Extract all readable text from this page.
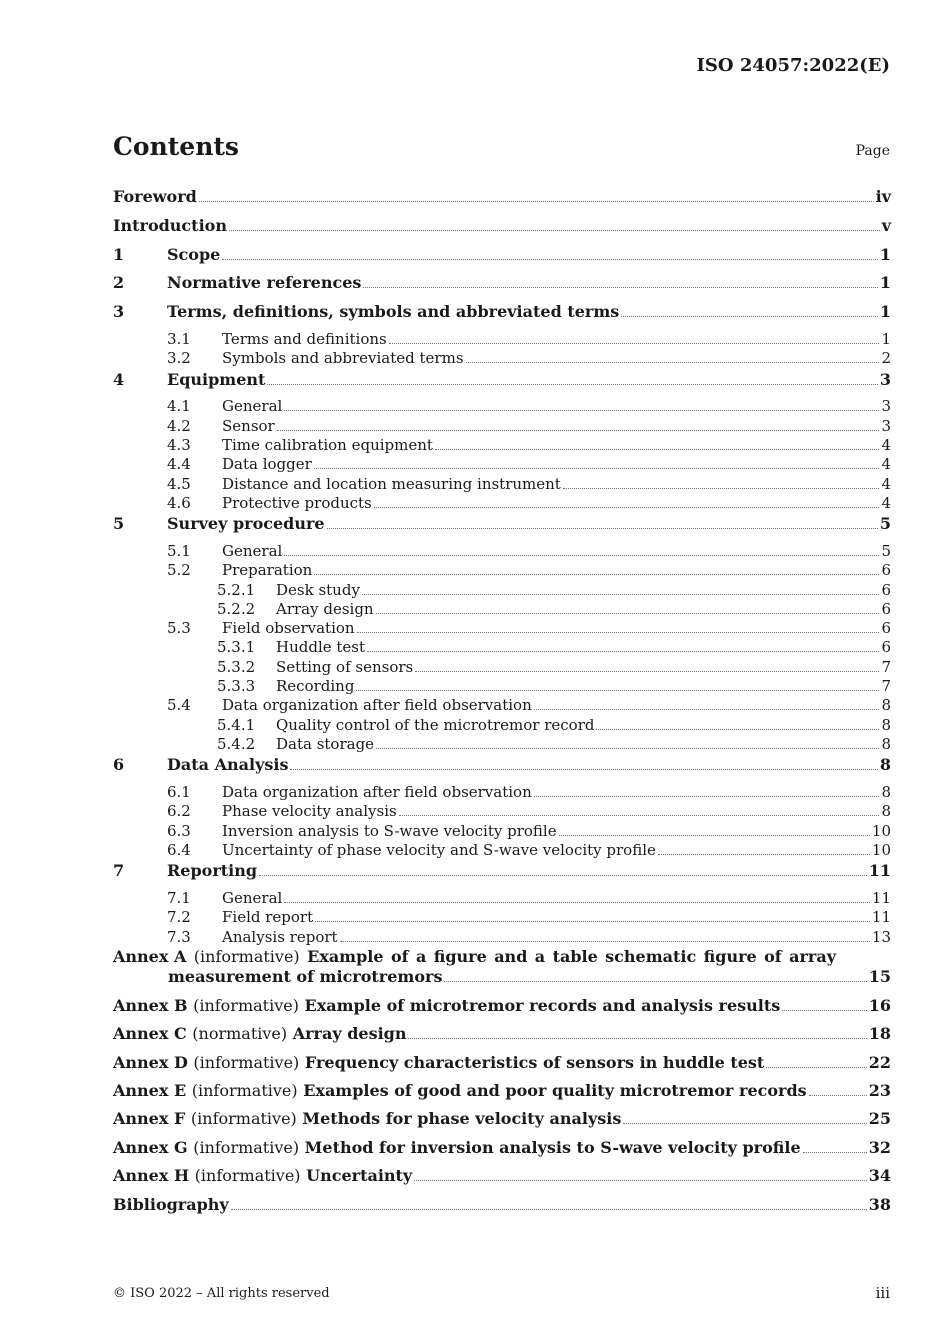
ISO 24057:2022(E)
Contents	Page
Foreword	iv
Introduction	v
1	Scope	1
2	Normative references	1
3	Terms, definitions, symbols and abbreviated terms	1
3.1	Terms and definitions	1
3.2	Symbols and abbreviated terms	2
4	Equipment	3
4.1	General	3
4.2	Sensor	3
4.3	Time calibration equipment	4
4.4	Data logger	4
4.5	Distance and location measuring instrument	4
4.6	Protective products	4
5	Survey procedure	5
5.1	General	5
5.2	Preparation	6
5.2.1	Desk study	6
5.2.2	Array design	6
5.3	Field observation	6
5.3.1	Huddle test	6
5.3.2	Setting of sensors	7
5.3.3	Recording	7
5.4	Data organization after field observation	8
5.4.1	Quality control of the microtremor record	8
5.4.2	Data storage	8
6	Data Analysis	8
6.1	Data organization after field observation	8
6.2	Phase velocity analysis	8
6.3	Inversion analysis to S-wave velocity profile	10
6.4	Uncertainty of phase velocity and S-wave velocity profile	10
7	Reporting	11
7.1	General	11
7.2	Field report	11
7.3	Analysis report	13
Annex A (informative) Example of a figure and a table schematic figure of array
measurement of microtremors	15
Annex B (informative) Example of microtremor records and analysis results	16
Annex C (normative) Array design	18
Annex D (informative) Frequency characteristics of sensors in huddle test	22
Annex E (informative) Examples of good and poor quality microtremor records	23
Annex F (informative) Methods for phase velocity analysis	25
Annex G (informative) Method for inversion analysis to S-wave velocity profile	32
Annex H (informative) Uncertainty	34
Bibliography	38
© ISO 2022 – All rights reserved	iii
